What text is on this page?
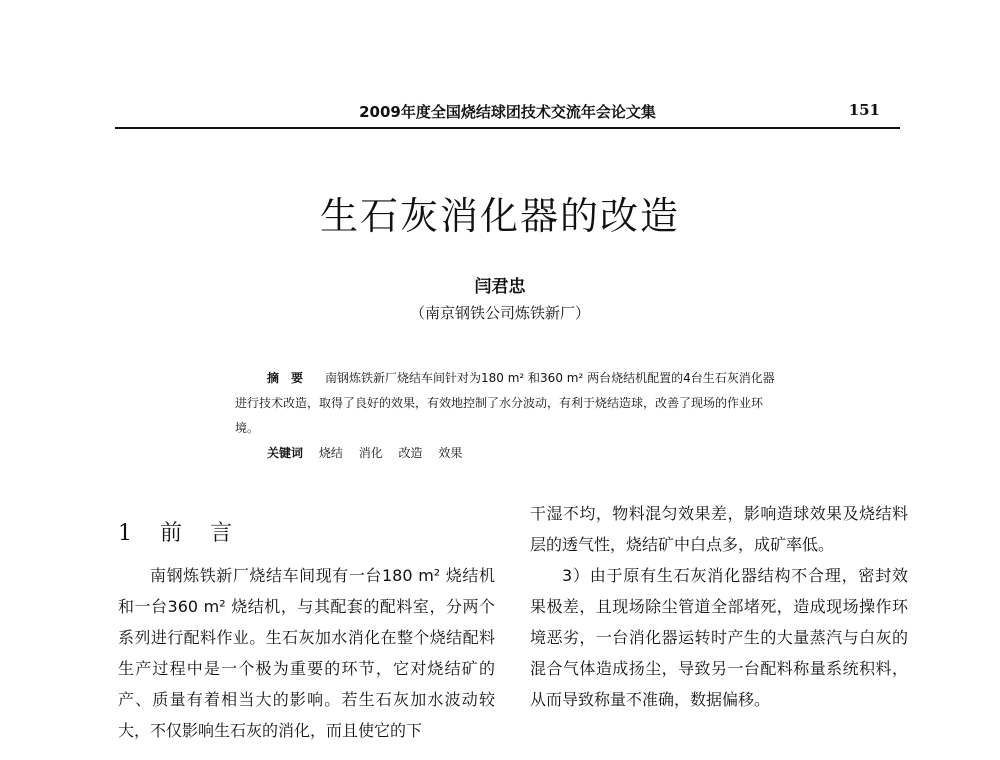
2009年度全国烧结球团技术交流年会论文集	151
生石灰消化器的改造
闫君忠
（南京钢铁公司炼铁新厂）
摘要 南钢炼铁新厂烧结车间针对为180 m² 和360 m² 两台烧结机配置的4台生石灰消化器进行技术改造，取得了良好的效果，有效地控制了水分波动，有利于烧结造球，改善了现场的作业环境。
关键词 烧结 消化 改造 效果
1 前言

南钢炼铁新厂烧结车间现有一台180 m² 烧结机和一台360 m² 烧结机，与其配套的配料室，分两个系列进行配料作业。生石灰加水消化在整个烧结配料生产过程中是一个极为重要的环节，它对烧结矿的产、质量有着相当大的影响。若生石灰加水波动较大，不仅影响生石灰的消化，而且使它的下

干湿不均，物料混匀效果差，影响造球效果及烧结料层的透气性，烧结矿中白点多，成矿率低。

3）由于原有生石灰消化器结构不合理，密封效果极差，且现场除尘管道全部堵死，造成现场操作环境恶劣，一台消化器运转时产生的大量蒸汽与白灰的混合气体造成扬尘，导致另一台配料称量系统积料，从而导致称量不准确，数据偏移。
